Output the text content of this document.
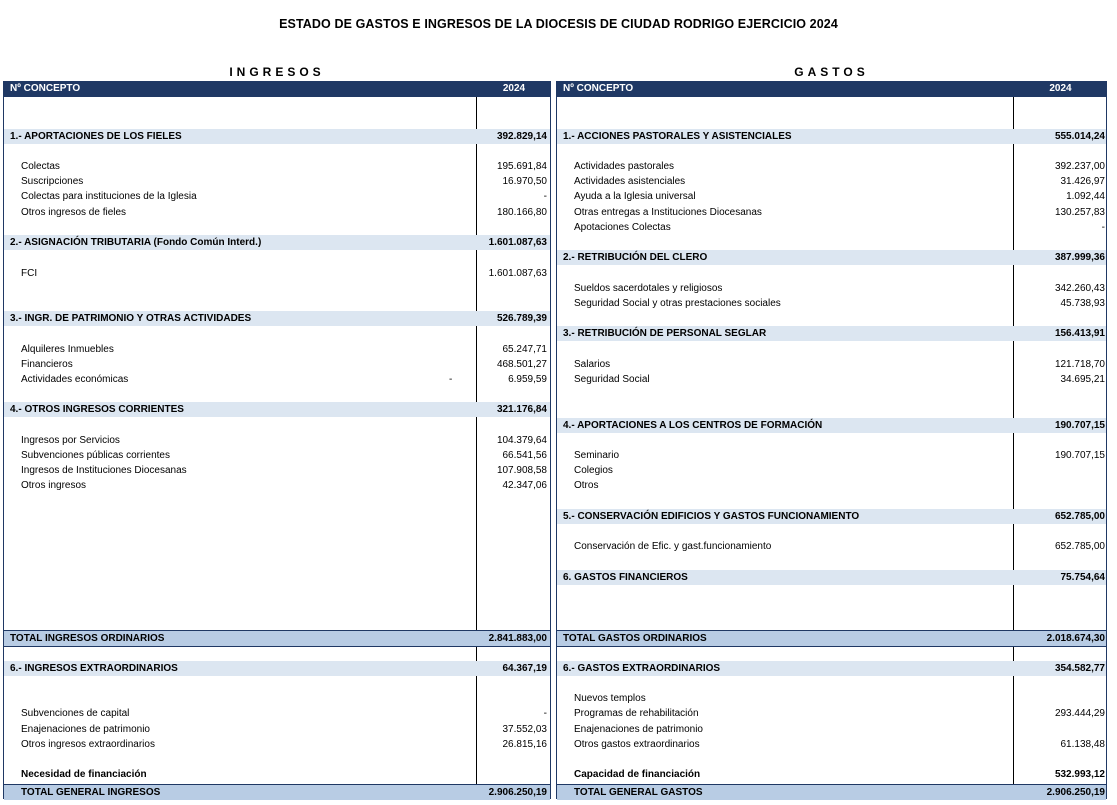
ESTADO DE GASTOS E INGRESOS DE LA DIOCESIS DE CIUDAD RODRIGO EJERCICIO 2024
INGRESOS
Nº CONCEPTO	2024
1.- APORTACIONES DE LOS FIELES	392.829,14
Colectas	195.691,84
Suscripciones	16.970,50
Colectas para instituciones de la Iglesia	-
Otros ingresos de fieles	180.166,80
2.- ASIGNACIÓN TRIBUTARIA (Fondo Común Interd.)	1.601.087,63
FCI	1.601.087,63
3.- INGR. DE PATRIMONIO Y OTRAS ACTIVIDADES	526.789,39
Alquileres Inmuebles	65.247,71
Financieros	468.501,27
Actividades económicas	-	6.959,59
4.- OTROS INGRESOS CORRIENTES	321.176,84
Ingresos por Servicios	104.379,64
Subvenciones públicas corrientes	66.541,56
Ingresos de Instituciones Diocesanas	107.908,58
Otros ingresos	42.347,06
TOTAL INGRESOS ORDINARIOS	2.841.883,00
6.- INGRESOS EXTRAORDINARIOS	64.367,19
Subvenciones de capital	-
Enajenaciones de patrimonio	37.552,03
Otros ingresos extraordinarios	26.815,16
Necesidad de financiación
TOTAL GENERAL INGRESOS	2.906.250,19
GASTOS
Nº CONCEPTO	2024
1.- ACCIONES PASTORALES Y ASISTENCIALES	555.014,24
Actividades pastorales	392.237,00
Actividades asistenciales	31.426,97
Ayuda a la Iglesia universal	1.092,44
Otras entregas a Instituciones Diocesanas	130.257,83
Apotaciones Colectas	-
2.- RETRIBUCIÓN DEL CLERO	387.999,36
Sueldos sacerdotales y religiosos	342.260,43
Seguridad Social y otras prestaciones sociales	45.738,93
3.- RETRIBUCIÓN DE PERSONAL SEGLAR	156.413,91
Salarios	121.718,70
Seguridad Social	34.695,21
4.- APORTACIONES A LOS CENTROS DE FORMACIÓN	190.707,15
Seminario	190.707,15
Colegios
Otros
5.- CONSERVACIÓN EDIFICIOS Y GASTOS FUNCIONAMIENTO	652.785,00
Conservación de Efic. y gast.funcionamiento	652.785,00
6. GASTOS FINANCIEROS	75.754,64
TOTAL GASTOS ORDINARIOS	2.018.674,30
6.- GASTOS EXTRAORDINARIOS	354.582,77
Nuevos templos
Programas de rehabilitación	293.444,29
Enajenaciones de patrimonio
Otros gastos extraordinarios	61.138,48
Capacidad de financiación	532.993,12
TOTAL GENERAL GASTOS	2.906.250,19
